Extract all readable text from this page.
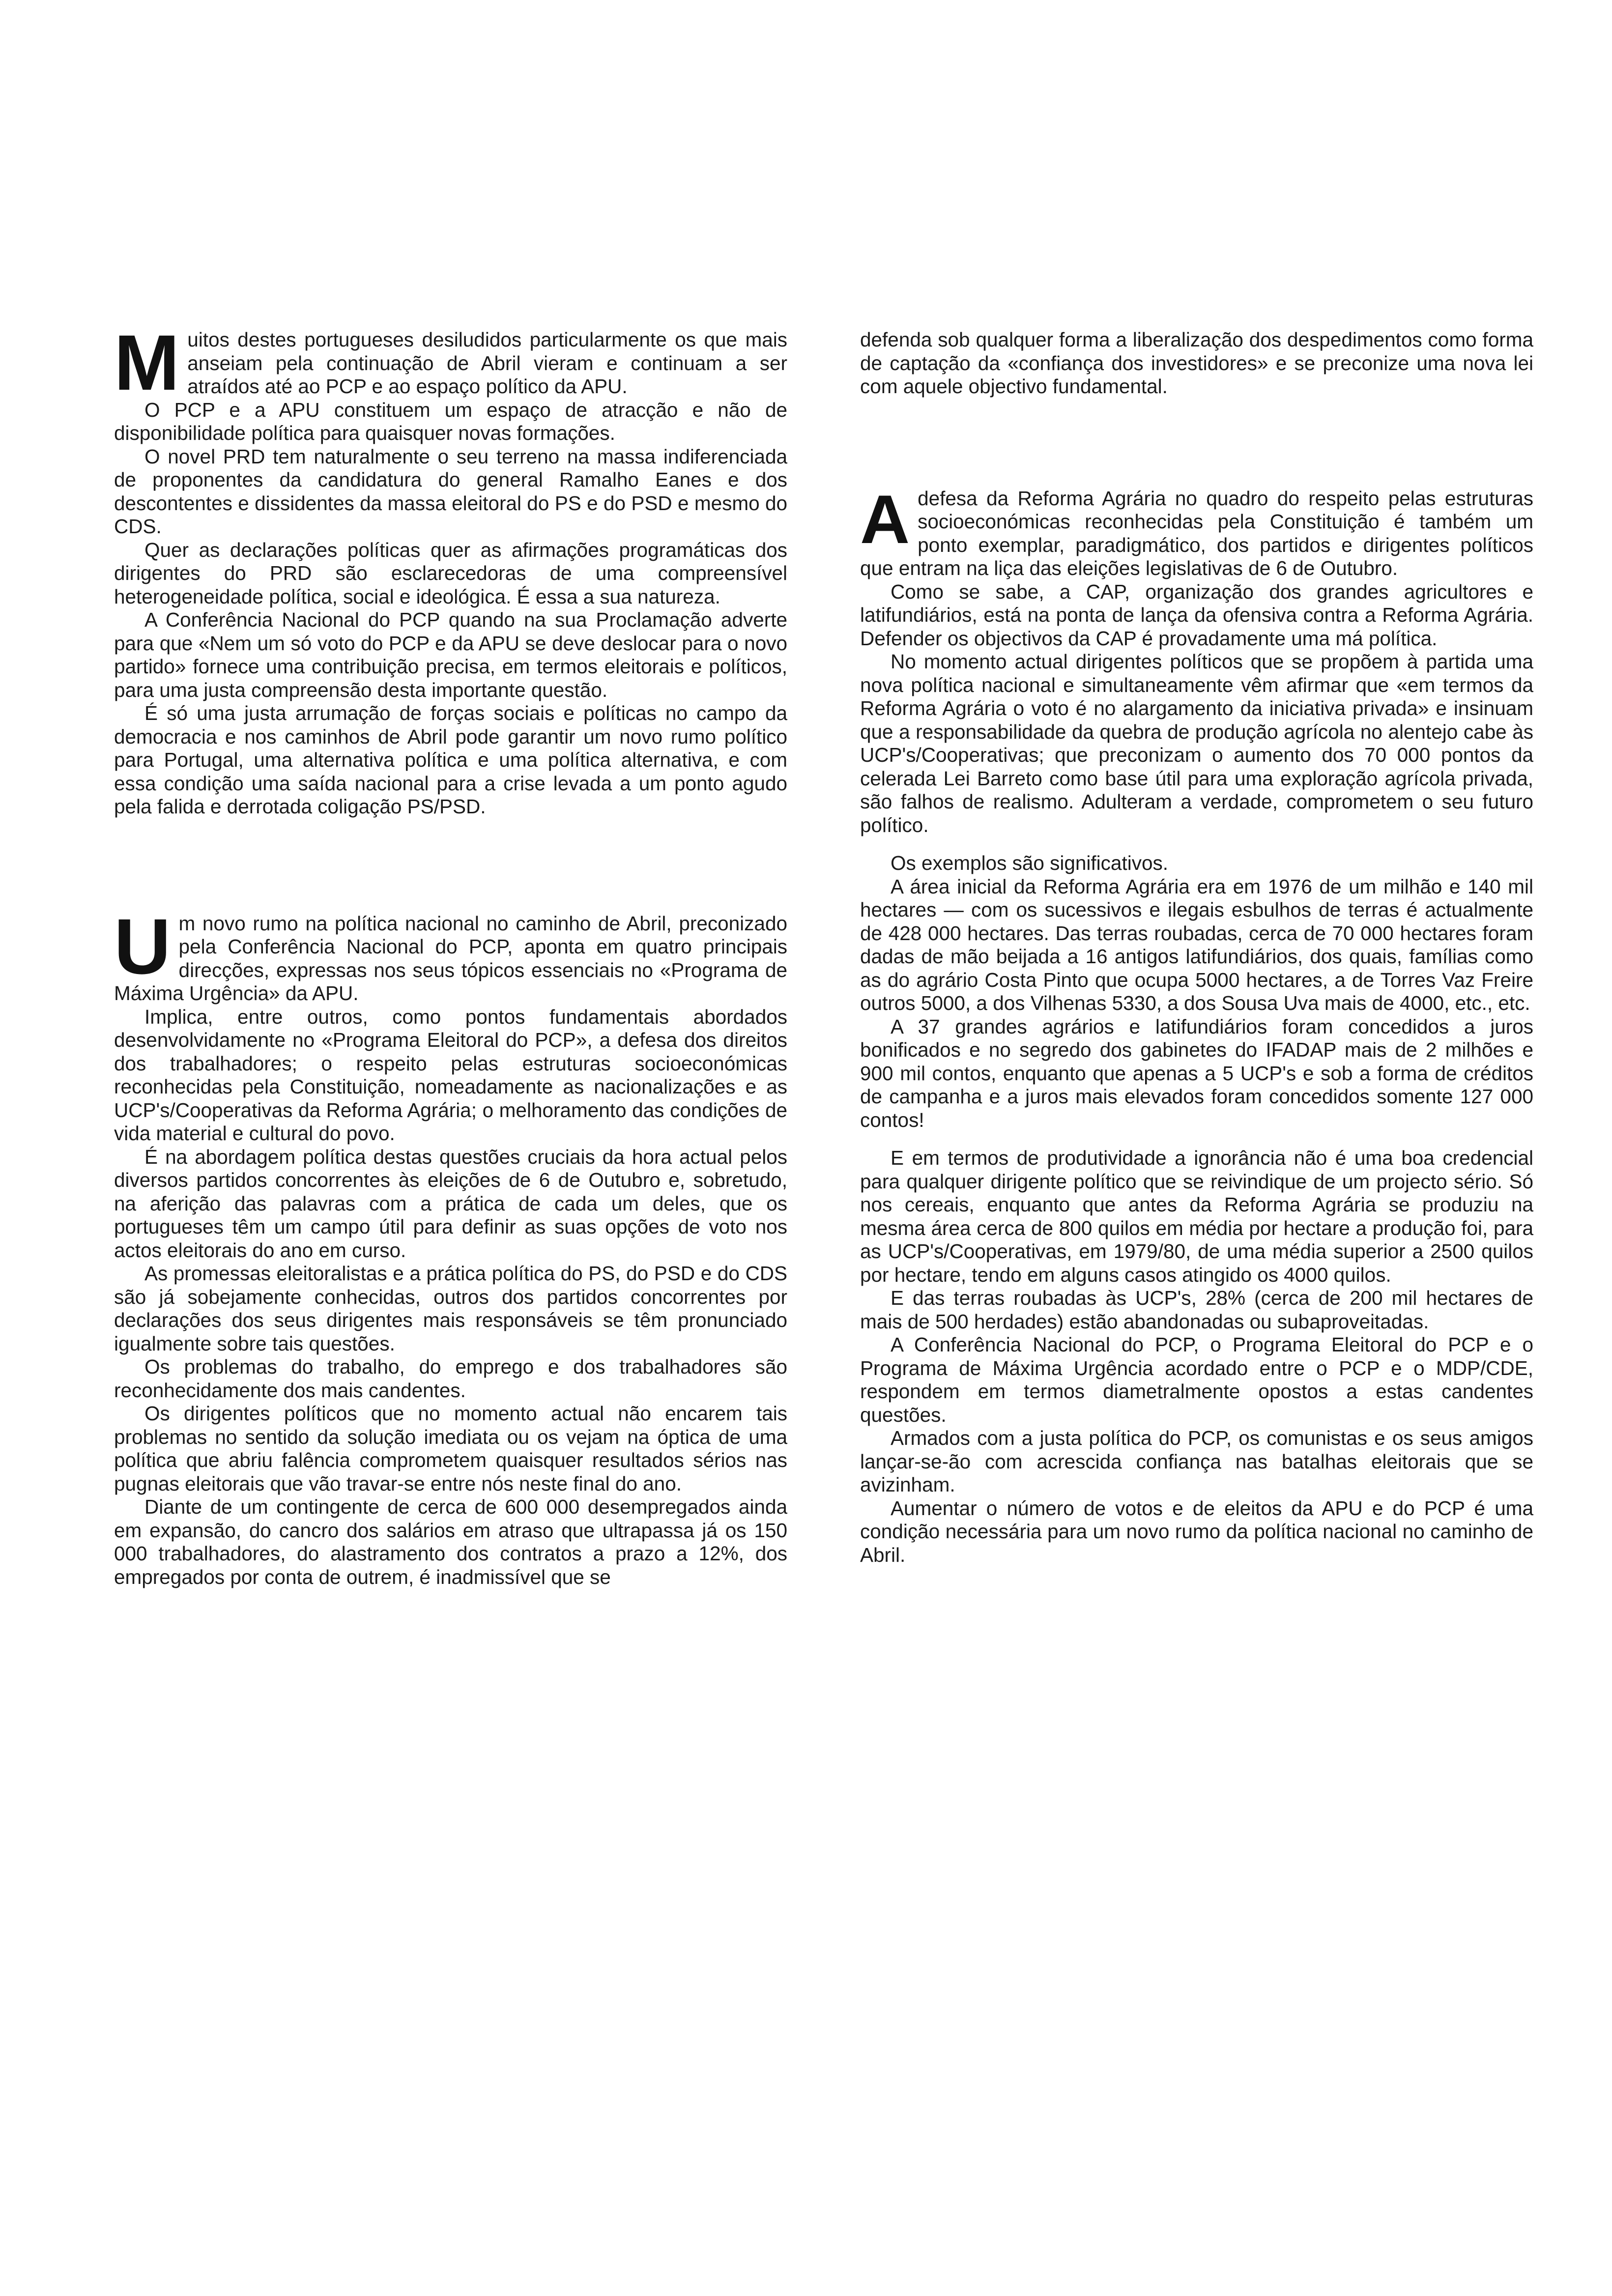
M uitos destes portugueses desiludidos particularmente os que mais anseiam pela continuação de Abril vieram e continuam a ser atraídos até ao PCP e ao espaço político da APU.

O PCP e a APU constituem um espaço de atracção e não de disponibilidade política para quaisquer novas formações.

O novel PRD tem naturalmente o seu terreno na massa indiferenciada de proponentes da candidatura do general Ramalho Eanes e dos descontentes e dissidentes da massa eleitoral do PS e do PSD e mesmo do CDS.

Quer as declarações políticas quer as afirmações programáticas dos dirigentes do PRD são esclarecedoras de uma compreensível heterogeneidade política, social e ideológica. É essa a sua natureza.

A Conferência Nacional do PCP quando na sua Proclamação adverte para que «Nem um só voto do PCP e da APU se deve deslocar para o novo partido» fornece uma contribuição precisa, em termos eleitorais e políticos, para uma justa compreensão desta importante questão.

É só uma justa arrumação de forças sociais e políticas no campo da democracia e nos caminhos de Abril pode garantir um novo rumo político para Portugal, uma alternativa política e uma política alternativa, e com essa condição uma saída nacional para a crise levada a um ponto agudo pela falida e derrotada coligação PS/PSD.

U m novo rumo na política nacional no caminho de Abril, preconizado pela Conferência Nacional do PCP, aponta em quatro principais direcções, expressas nos seus tópicos essenciais no «Programa de Máxima Urgência» da APU.

Implica, entre outros, como pontos fundamentais abordados desenvolvidamente no «Programa Eleitoral do PCP», a defesa dos direitos dos trabalhadores; o respeito pelas estruturas socioeconómicas reconhecidas pela Constituição, nomeadamente as nacionalizações e as UCP's/Cooperativas da Reforma Agrária; o melhoramento das condições de vida material e cultural do povo.

É na abordagem política destas questões cruciais da hora actual pelos diversos partidos concorrentes às eleições de 6 de Outubro e, sobretudo, na aferição das palavras com a prática de cada um deles, que os portugueses têm um campo útil para definir as suas opções de voto nos actos eleitorais do ano em curso.

As promessas eleitoralistas e a prática política do PS, do PSD e do CDS são já sobejamente conhecidas, outros dos partidos concorrentes por declarações dos seus dirigentes mais responsáveis se têm pronunciado igualmente sobre tais questões.

Os problemas do trabalho, do emprego e dos trabalhadores são reconhecidamente dos mais candentes.

Os dirigentes políticos que no momento actual não encarem tais problemas no sentido da solução imediata ou os vejam na óptica de uma política que abriu falência comprometem quaisquer resultados sérios nas pugnas eleitorais que vão travar-se entre nós neste final do ano.

Diante de um contingente de cerca de 600 000 desempregados ainda em expansão, do cancro dos salários em atraso que ultrapassa já os 150 000 trabalhadores, do alastramento dos contratos a prazo a 12%, dos empregados por conta de outrem, é inadmissível que se

defenda sob qualquer forma a liberalização dos despedimentos como forma de captação da «confiança dos investidores» e se preconize uma nova lei com aquele objectivo fundamental.

A defesa da Reforma Agrária no quadro do respeito pelas estruturas socioeconómicas reconhecidas pela Constituição é também um ponto exemplar, paradigmático, dos partidos e dirigentes políticos que entram na liça das eleições legislativas de 6 de Outubro.

Como se sabe, a CAP, organização dos grandes agricultores e latifundiários, está na ponta de lança da ofensiva contra a Reforma Agrária. Defender os objectivos da CAP é provadamente uma má política.

No momento actual dirigentes políticos que se propõem à partida uma nova política nacional e simultaneamente vêm afirmar que «em termos da Reforma Agrária o voto é no alargamento da iniciativa privada» e insinuam que a responsabilidade da quebra de produção agrícola no alentejo cabe às UCP's/Cooperativas; que preconizam o aumento dos 70 000 pontos da celerada Lei Barreto como base útil para uma exploração agrícola privada, são falhos de realismo. Adulteram a verdade, comprometem o seu futuro político.

Os exemplos são significativos.

A área inicial da Reforma Agrária era em 1976 de um milhão e 140 mil hectares — com os sucessivos e ilegais esbulhos de terras é actualmente de 428 000 hectares. Das terras roubadas, cerca de 70 000 hectares foram dadas de mão beijada a 16 antigos latifundiários, dos quais, famílias como as do agrário Costa Pinto que ocupa 5000 hectares, a de Torres Vaz Freire outros 5000, a dos Vilhenas 5330, a dos Sousa Uva mais de 4000, etc., etc.

A 37 grandes agrários e latifundiários foram concedidos a juros bonificados e no segredo dos gabinetes do IFADAP mais de 2 milhões e 900 mil contos, enquanto que apenas a 5 UCP's e sob a forma de créditos de campanha e a juros mais elevados foram concedidos somente 127 000 contos!

E em termos de produtividade a ignorância não é uma boa credencial para qualquer dirigente político que se reivindique de um projecto sério. Só nos cereais, enquanto que antes da Reforma Agrária se produziu na mesma área cerca de 800 quilos em média por hectare a produção foi, para as UCP's/Cooperativas, em 1979/80, de uma média superior a 2500 quilos por hectare, tendo em alguns casos atingido os 4000 quilos.

E das terras roubadas às UCP's, 28% (cerca de 200 mil hectares de mais de 500 herdades) estão abandonadas ou subaproveitadas.

A Conferência Nacional do PCP, o Programa Eleitoral do PCP e o Programa de Máxima Urgência acordado entre o PCP e o MDP/CDE, respondem em termos diametralmente opostos a estas candentes questões.

Armados com a justa política do PCP, os comunistas e os seus amigos lançar-se-ão com acrescida confiança nas batalhas eleitorais que se avizinham.

Aumentar o número de votos e de eleitos da APU e do PCP é uma condição necessária para um novo rumo da política nacional no caminho de Abril.
